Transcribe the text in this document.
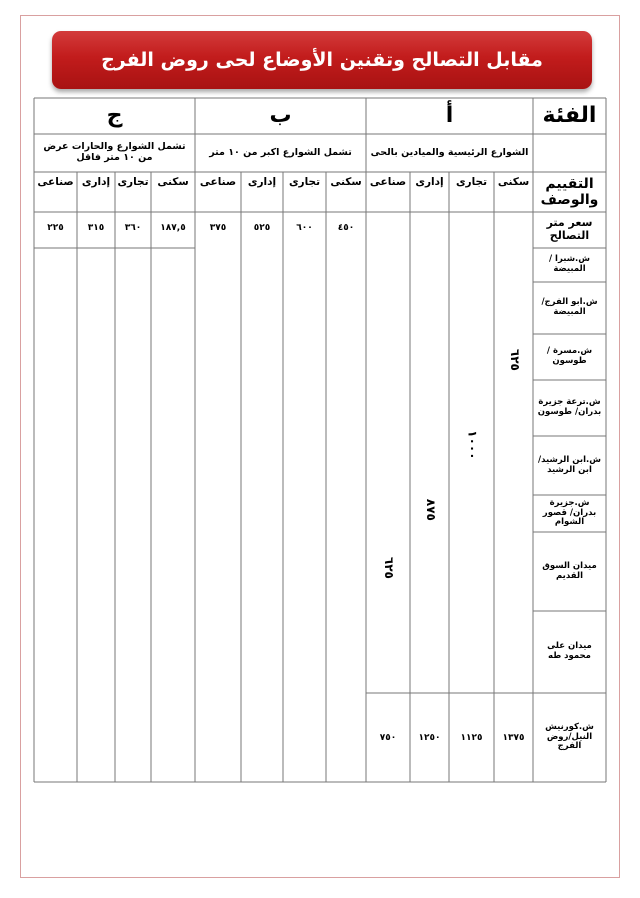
مقابل التصالح وتقنين الأوضاع لحى روض الفرج
الفئة
أ
ب
ج
الشوارع الرئيسية والميادين بالحى
تشمل الشوارع اكبر من ١٠ متر
تشمل الشوارع والحارات عرض من ١٠ متر فاقل
التقييم والوصف
سكنى
تجارى
إدارى
صناعى
سكنى
تجارى
إدارى
صناعى
سكنى
تجارى
إدارى
صناعى
سعر متر التصالح
٤٥٠
٦٠٠
٥٢٥
٣٧٥
١٨٧,٥
٣٦٠
٣١٥
٢٢٥
ش.شبرا / المبيضة
ش.ابو الفرج/ المبيضة
ش.مسرة /طوسون
ش.ترعة جزيرة بدران/ طوسون
ش.ابن الرشيد/ ابن الرشيد
ش.جزيرة بدران/ قصور الشوام
ميدان السوق القديم
ميدان على محمود طه
ش.كورنيش النيل/روض الفرج
٦٢٥
١٠٠٠
٨٧٥
٦٢٥
١٣٧٥
١١٢٥
١٢٥٠
٧٥٠
